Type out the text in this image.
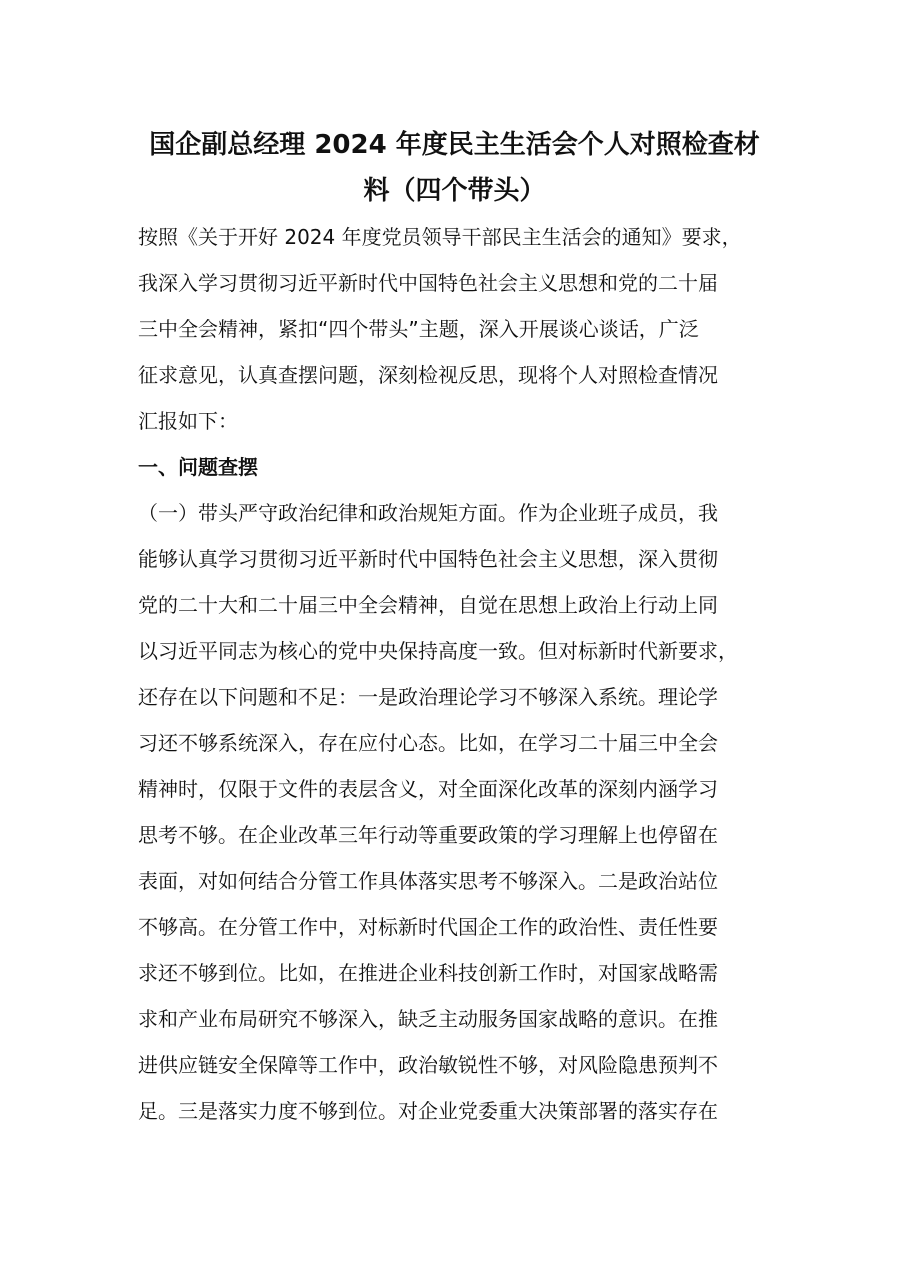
国企副总经理 2024 年度民主生活会个人对照检查材
料（四个带头）

按照《关于开好 2024 年度党员领导干部民主生活会的通知》要求，

我深入学习贯彻习近平新时代中国特色社会主义思想和党的二十届

三中全会精神，紧扣“四个带头”主题，深入开展谈心谈话，广泛

征求意见，认真查摆问题，深刻检视反思，现将个人对照检查情况

汇报如下：

一、问题查摆

（一）带头严守政治纪律和政治规矩方面。作为企业班子成员，我

能够认真学习贯彻习近平新时代中国特色社会主义思想，深入贯彻

党的二十大和二十届三中全会精神，自觉在思想上政治上行动上同

以习近平同志为核心的党中央保持高度一致。但对标新时代新要求，

还存在以下问题和不足：一是政治理论学习不够深入系统。理论学

习还不够系统深入，存在应付心态。比如，在学习二十届三中全会

精神时，仅限于文件的表层含义，对全面深化改革的深刻内涵学习

思考不够。在企业改革三年行动等重要政策的学习理解上也停留在

表面，对如何结合分管工作具体落实思考不够深入。二是政治站位

不够高。在分管工作中，对标新时代国企工作的政治性、责任性要

求还不够到位。比如，在推进企业科技创新工作时，对国家战略需

求和产业布局研究不够深入，缺乏主动服务国家战略的意识。在推

进供应链安全保障等工作中，政治敏锐性不够，对风险隐患预判不

足。三是落实力度不够到位。对企业党委重大决策部署的落实存在
